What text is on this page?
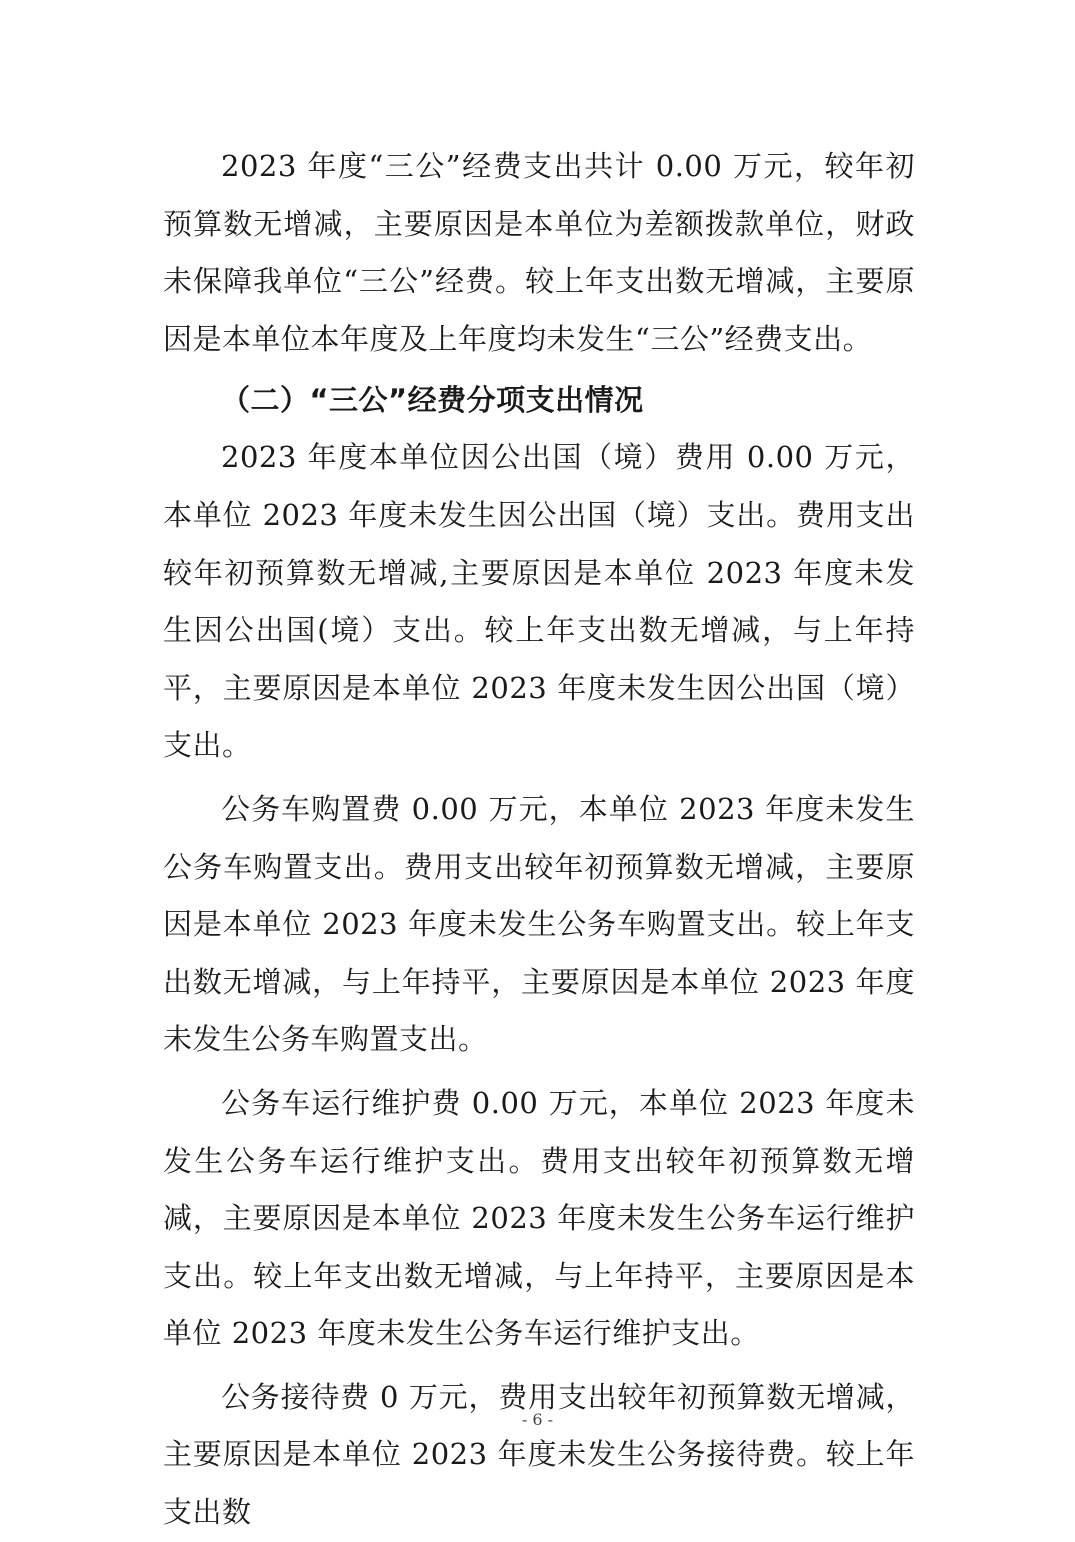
2023 年度“三公”经费支出共计 0.00 万元，较年初预算数无增减，主要原因是本单位为差额拨款单位，财政未保障我单位“三公”经费。较上年支出数无增减，主要原因是本单位本年度及上年度均未发生“三公”经费支出。

（二）“三公”经费分项支出情况

2023 年度本单位因公出国（境）费用 0.00 万元，本单位 2023 年度未发生因公出国（境）支出。费用支出较年初预算数无增减,主要原因是本单位 2023 年度未发生因公出国(境）支出。较上年支出数无增减，与上年持平，主要原因是本单位 2023 年度未发生因公出国（境）支出。

公务车购置费 0.00 万元，本单位 2023 年度未发生公务车购置支出。费用支出较年初预算数无增减，主要原因是本单位 2023 年度未发生公务车购置支出。较上年支出数无增减，与上年持平，主要原因是本单位 2023 年度未发生公务车购置支出。

公务车运行维护费 0.00 万元，本单位 2023 年度未发生公务车运行维护支出。费用支出较年初预算数无增减，主要原因是本单位 2023 年度未发生公务车运行维护支出。较上年支出数无增减，与上年持平，主要原因是本单位 2023 年度未发生公务车运行维护支出。

公务接待费 0 万元，费用支出较年初预算数无增减，主要原因是本单位 2023 年度未发生公务接待费。较上年支出数

- 6 -
